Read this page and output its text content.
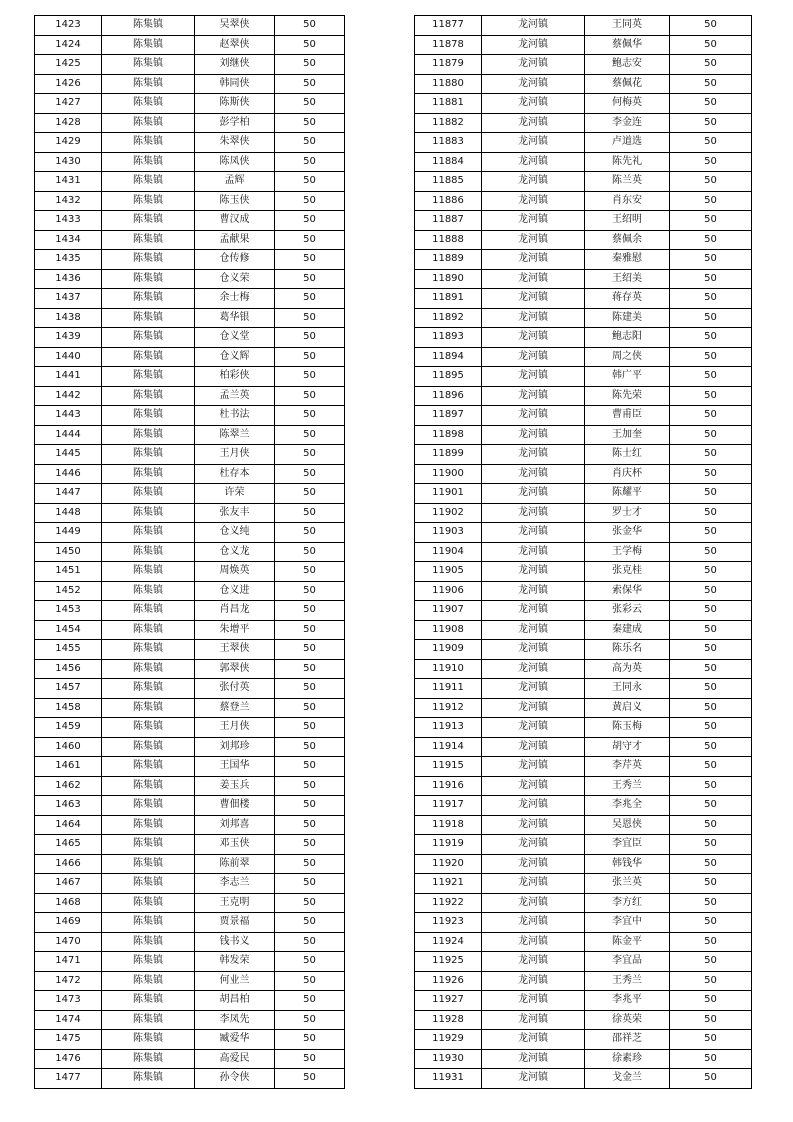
1423	陈集镇	吴翠侠	50
1424	陈集镇	赵翠侠	50
1425	陈集镇	刘继侠	50
1426	陈集镇	韩同侠	50
1427	陈集镇	陈斯侠	50
1428	陈集镇	彭学柏	50
1429	陈集镇	朱翠侠	50
1430	陈集镇	陈凤侠	50
1431	陈集镇	孟辉	50
1432	陈集镇	陈玉侠	50
1433	陈集镇	曹汉成	50
1434	陈集镇	孟献果	50
1435	陈集镇	仓传修	50
1436	陈集镇	仓义荣	50
1437	陈集镇	余士梅	50
1438	陈集镇	葛华银	50
1439	陈集镇	仓义堂	50
1440	陈集镇	仓义辉	50
1441	陈集镇	柏彩侠	50
1442	陈集镇	孟兰英	50
1443	陈集镇	杜书法	50
1444	陈集镇	陈翠兰	50
1445	陈集镇	王月侠	50
1446	陈集镇	杜存本	50
1447	陈集镇	许荣	50
1448	陈集镇	张友丰	50
1449	陈集镇	仓义纯	50
1450	陈集镇	仓义龙	50
1451	陈集镇	周焕英	50
1452	陈集镇	仓义进	50
1453	陈集镇	肖昌龙	50
1454	陈集镇	朱增平	50
1455	陈集镇	王翠侠	50
1456	陈集镇	郭翠侠	50
1457	陈集镇	张付英	50
1458	陈集镇	蔡登兰	50
1459	陈集镇	王月侠	50
1460	陈集镇	刘邦珍	50
1461	陈集镇	王国华	50
1462	陈集镇	姜玉兵	50
1463	陈集镇	曹佃楼	50
1464	陈集镇	刘邦喜	50
1465	陈集镇	邓玉侠	50
1466	陈集镇	陈前翠	50
1467	陈集镇	李志兰	50
1468	陈集镇	王克明	50
1469	陈集镇	贾景福	50
1470	陈集镇	钱书义	50
1471	陈集镇	韩发荣	50
1472	陈集镇	何业兰	50
1473	陈集镇	胡昌柏	50
1474	陈集镇	李凤先	50
1475	陈集镇	臧爱华	50
1476	陈集镇	高爱民	50
1477	陈集镇	孙令侠	50
11877	龙河镇	王同英	50
11878	龙河镇	蔡佩华	50
11879	龙河镇	鲍志安	50
11880	龙河镇	蔡佩花	50
11881	龙河镇	何梅英	50
11882	龙河镇	李金连	50
11883	龙河镇	卢道选	50
11884	龙河镇	陈先礼	50
11885	龙河镇	陈兰英	50
11886	龙河镇	肖东安	50
11887	龙河镇	王绍明	50
11888	龙河镇	蔡佩余	50
11889	龙河镇	秦雅慰	50
11890	龙河镇	王绍美	50
11891	龙河镇	蒋存英	50
11892	龙河镇	陈建美	50
11893	龙河镇	鲍志阳	50
11894	龙河镇	周之侠	50
11895	龙河镇	韩广平	50
11896	龙河镇	陈先荣	50
11897	龙河镇	曹甫臣	50
11898	龙河镇	王加奎	50
11899	龙河镇	陈士红	50
11900	龙河镇	肖庆杯	50
11901	龙河镇	陈耀平	50
11902	龙河镇	罗士才	50
11903	龙河镇	张金华	50
11904	龙河镇	王学梅	50
11905	龙河镇	张克桂	50
11906	龙河镇	索保华	50
11907	龙河镇	张彩云	50
11908	龙河镇	秦建成	50
11909	龙河镇	陈乐名	50
11910	龙河镇	高为英	50
11911	龙河镇	王同永	50
11912	龙河镇	黄启义	50
11913	龙河镇	陈玉梅	50
11914	龙河镇	胡守才	50
11915	龙河镇	李芹英	50
11916	龙河镇	王秀兰	50
11917	龙河镇	李兆全	50
11918	龙河镇	吴恩侠	50
11919	龙河镇	李宜臣	50
11920	龙河镇	韩钱华	50
11921	龙河镇	张兰英	50
11922	龙河镇	李方红	50
11923	龙河镇	李宜中	50
11924	龙河镇	陈金平	50
11925	龙河镇	李宜品	50
11926	龙河镇	王秀兰	50
11927	龙河镇	李兆平	50
11928	龙河镇	徐英荣	50
11929	龙河镇	邵祥芝	50
11930	龙河镇	徐素珍	50
11931	龙河镇	戈金兰	50
